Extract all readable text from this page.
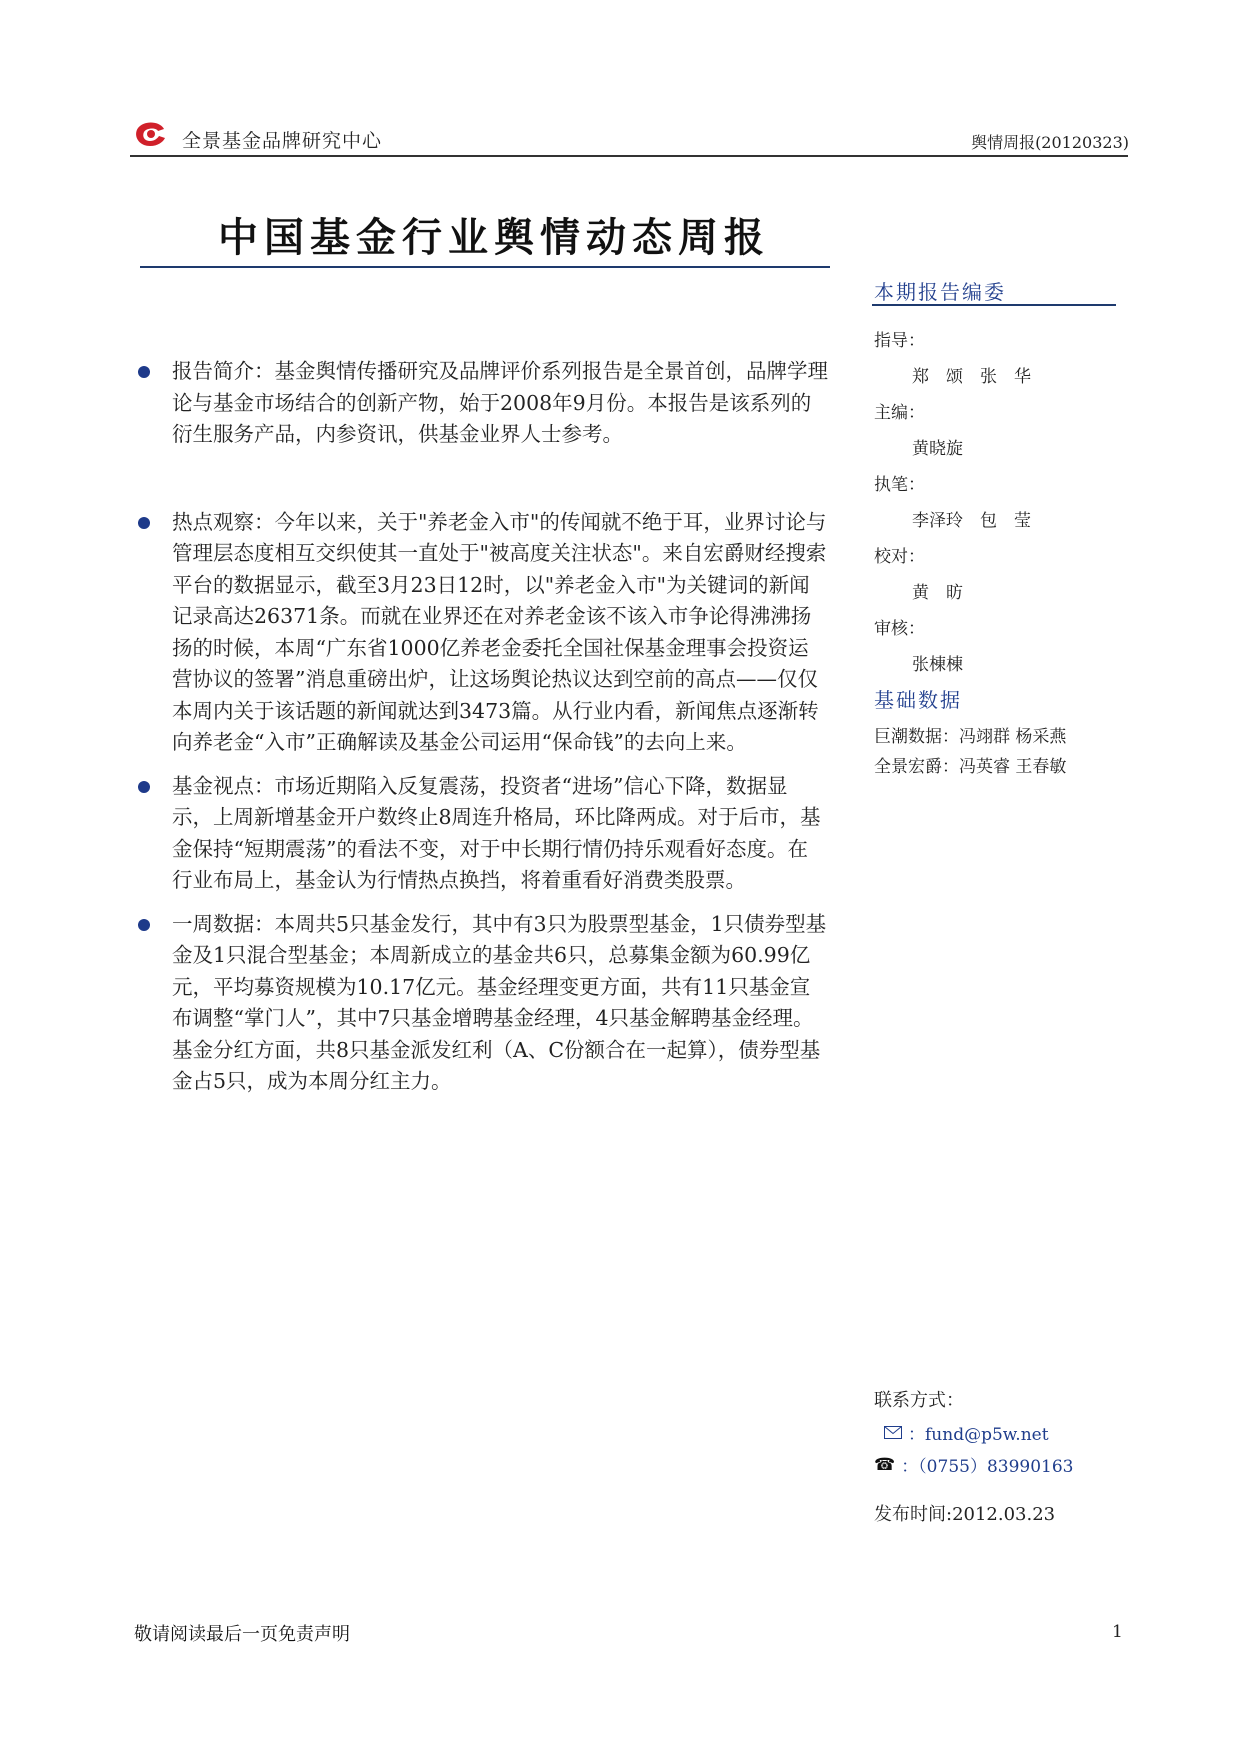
全景基金品牌研究中心	舆情周报(20120323)
中国基金行业舆情动态周报
报告简介：基金舆情传播研究及品牌评价系列报告是全景首创，品牌学理论与基金市场结合的创新产物，始于2008年9月份。本报告是该系列的衍生服务产品，内参资讯，供基金业界人士参考。
热点观察：今年以来，关于"养老金入市"的传闻就不绝于耳，业界讨论与管理层态度相互交织使其一直处于"被高度关注状态"。来自宏爵财经搜索平台的数据显示，截至3月23日12时，以"养老金入市"为关键词的新闻记录高达26371条。而就在业界还在对养老金该不该入市争论得沸沸扬扬的时候，本周“广东省1000亿养老金委托全国社保基金理事会投资运营协议的签署”消息重磅出炉，让这场舆论热议达到空前的高点——仅仅本周内关于该话题的新闻就达到3473篇。从行业内看，新闻焦点逐渐转向养老金“入市”正确解读及基金公司运用“保命钱”的去向上来。
基金视点：市场近期陷入反复震荡，投资者“进场”信心下降，数据显示，上周新增基金开户数终止8周连升格局，环比降两成。对于后市，基金保持“短期震荡”的看法不变，对于中长期行情仍持乐观看好态度。在行业布局上，基金认为行情热点换挡，将着重看好消费类股票。
一周数据：本周共5只基金发行，其中有3只为股票型基金，1只债券型基金及1只混合型基金；本周新成立的基金共6只，总募集金额为60.99亿元，平均募资规模为10.17亿元。基金经理变更方面，共有11只基金宣布调整“掌门人”，其中7只基金增聘基金经理，4只基金解聘基金经理。基金分红方面，共8只基金派发红利（A、C份额合在一起算），债券型基金占5只，成为本周分红主力。
本期报告编委
指导：
郑　颂　张　华
主编：
黄晓旋
执笔：
李泽玲　包　莹
校对：
黄　昉
审核：
张棟棟
基础数据
巨潮数据：冯翊群 杨采燕
全景宏爵：冯英睿 王春敏
联系方式：
：fund@p5w.net
☎ ：（0755）83990163
发布时间:2012.03.23
敬请阅读最后一页免责声明	1
